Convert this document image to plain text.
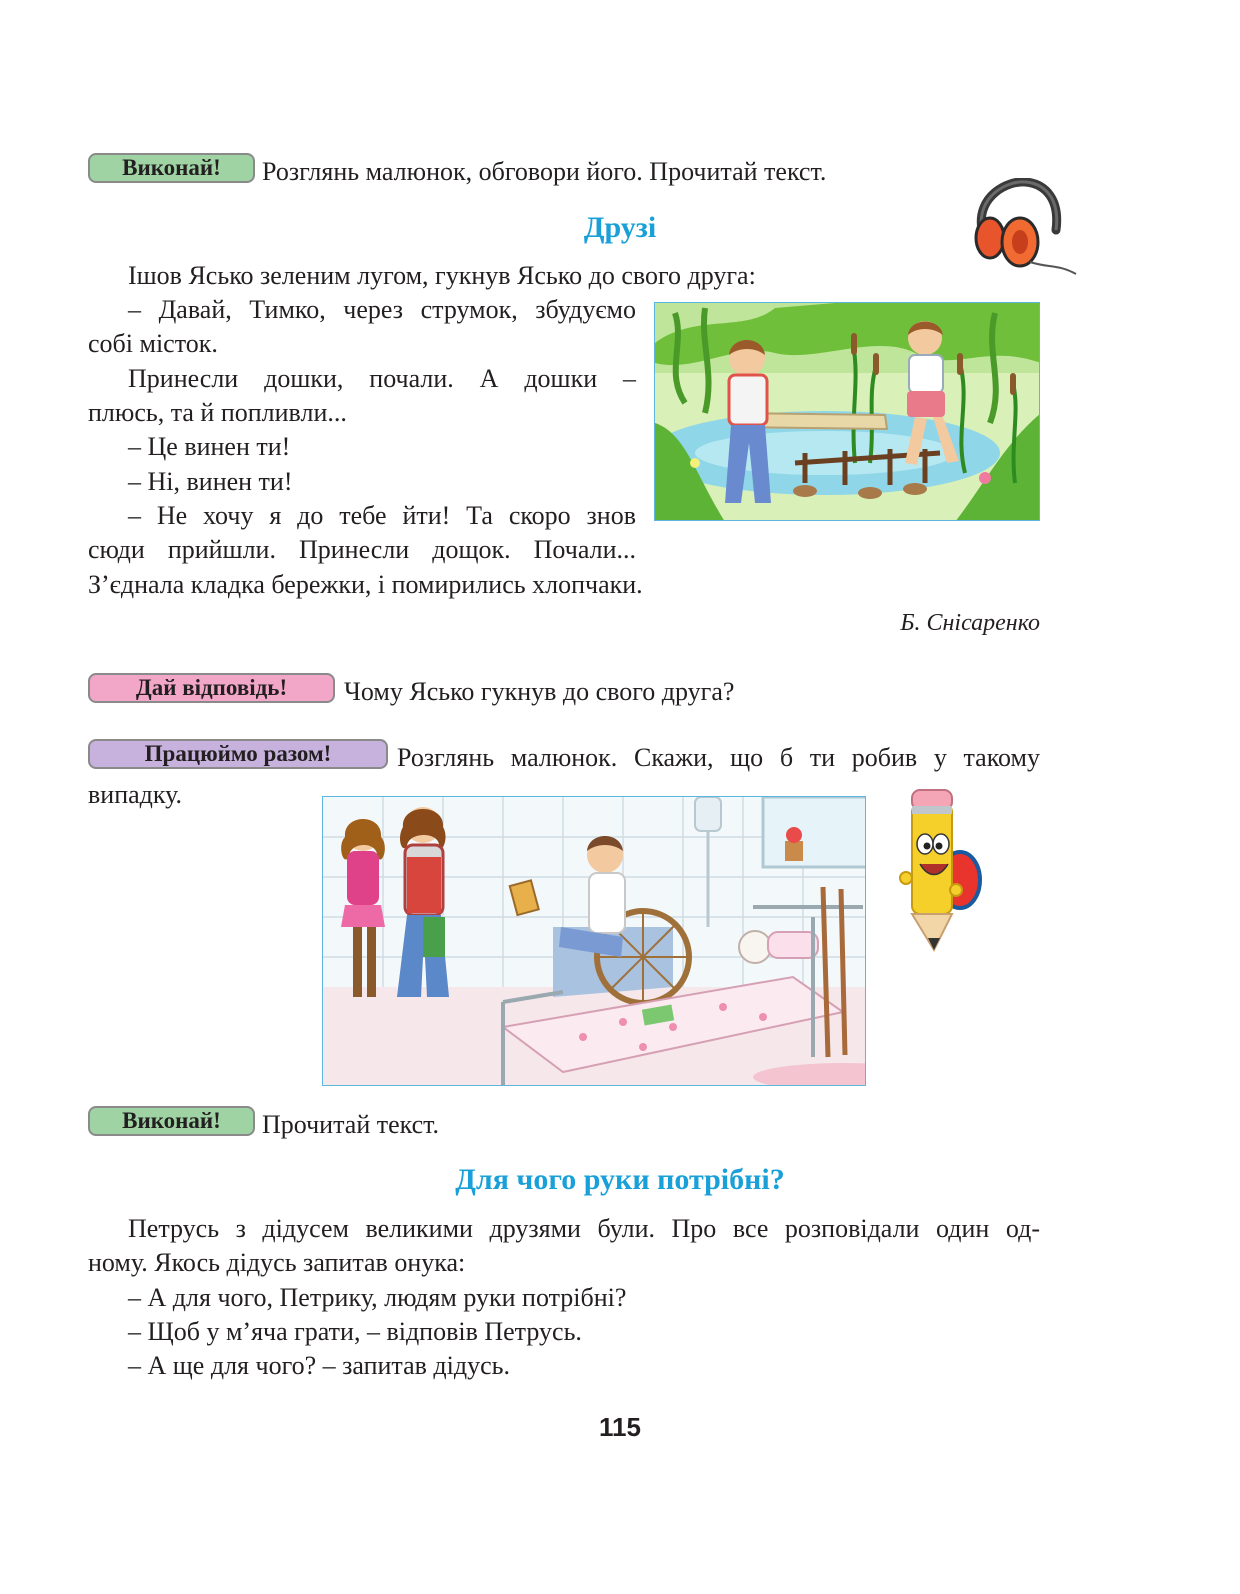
Виконай!	Розглянь малюнок, обговори його. Прочитай текст.
Друзі
Ішов Ясько зеленим лугом, гукнув Ясько до свого друга:
– Давай, Тимко, через струмок, збудуємо
собі місток.
Принесли дошки, почали. А дошки –
плюсь, та й попливли...
– Це винен ти!
– Ні, винен ти!
– Не хочу я до тебе йти! Та скоро знов
сюди прийшли. Принесли дощок. Почали...
З’єднала кладка бережки, і помирились хлопчаки.
Б. Снісаренко
Дай відповідь!	Чому Ясько гукнув до свого друга?
Працюймо разом!	Розглянь малюнок. Скажи, що б ти робив у такому
випадку.
Виконай!	Прочитай текст.
Для чого руки потрібні?
Петрусь з дідусем великими друзями були. Про все розповідали один од-
ному. Якось дідусь запитав онука:
– А для чого, Петрику, людям руки потрібні?
– Щоб у м’яча грати, – відповів Петрусь.
– А ще для чого? – запитав дідусь.
115
